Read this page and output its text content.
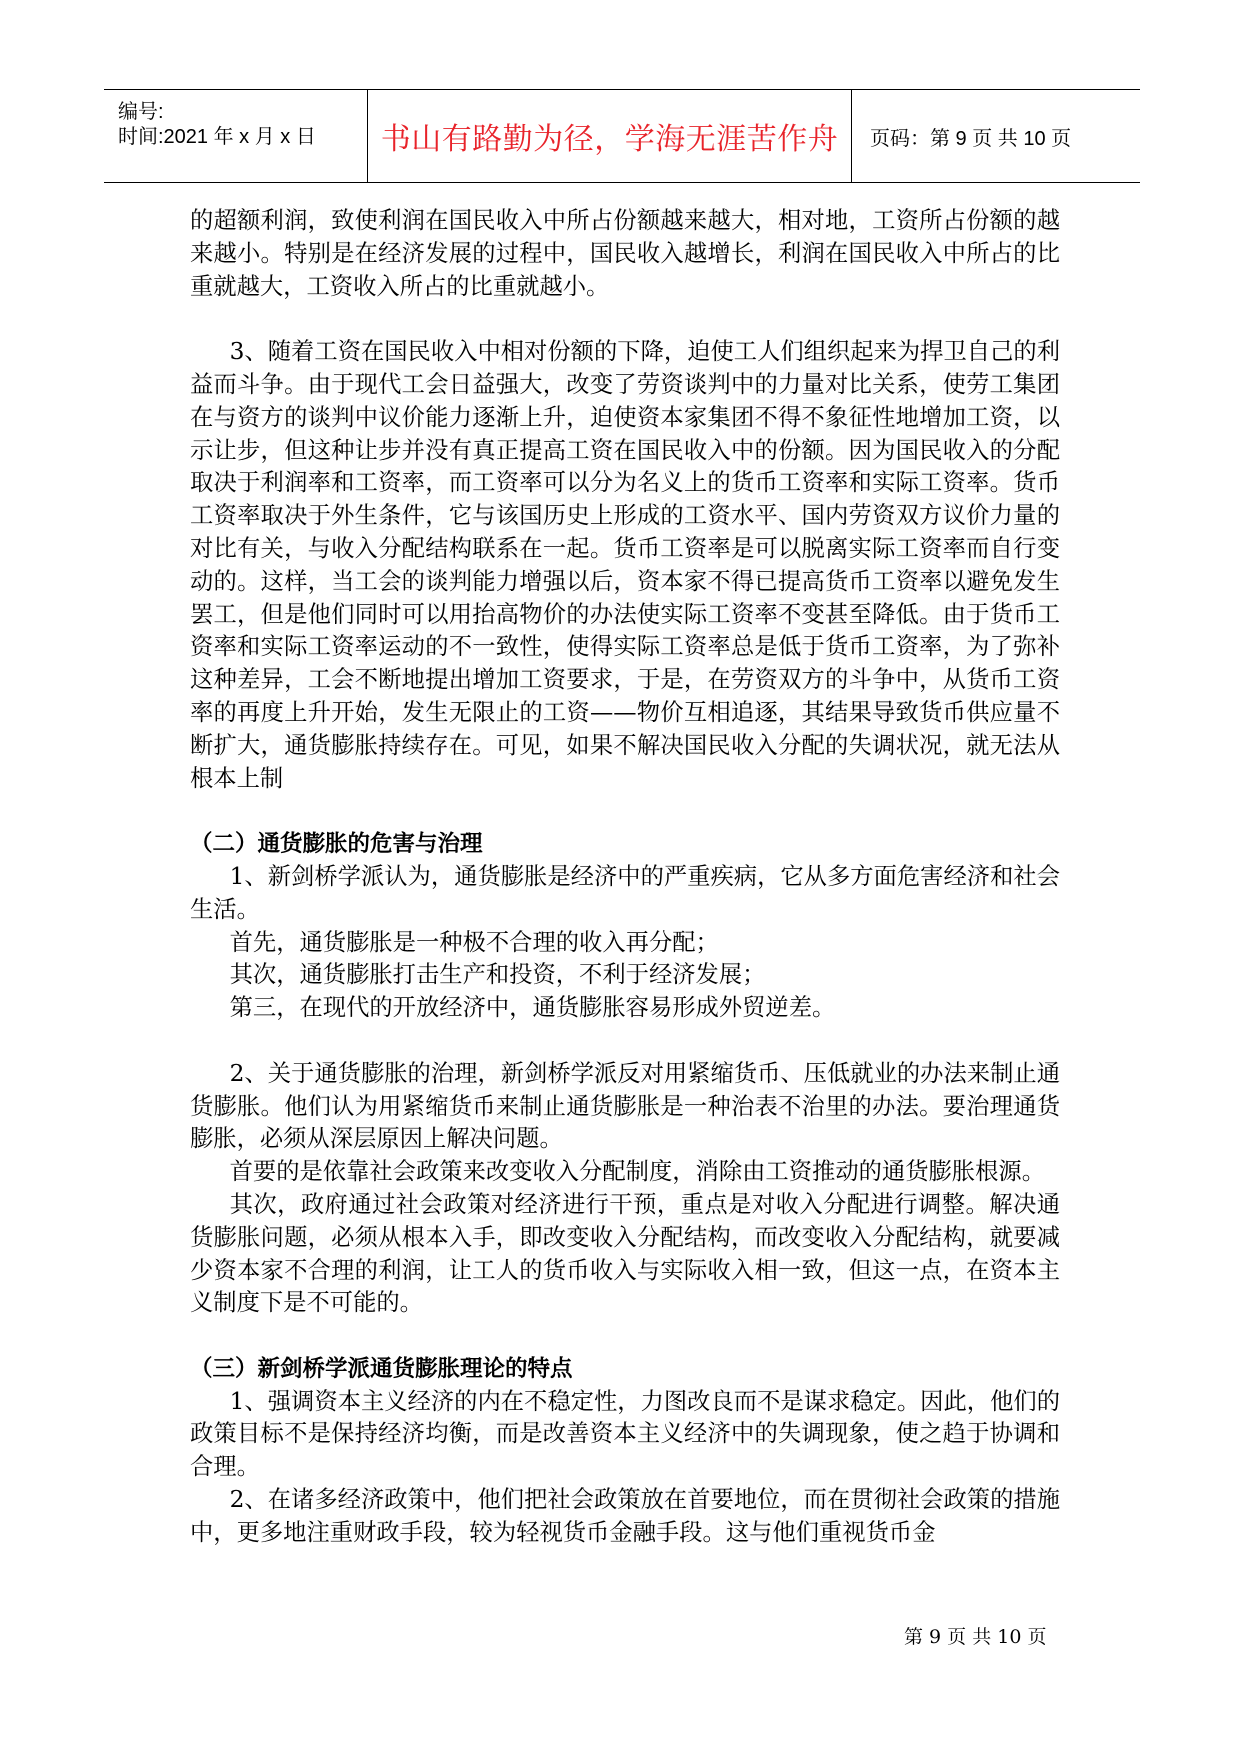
编号:
时间:2021 年 x 月 x 日 书山有路勤为径，学海无涯苦作舟 页码：第 9 页 共 10 页

的超额利润，致使利润在国民收入中所占份额越来越大，相对地，工资所占份额的越来越小。特别是在经济发展的过程中，国民收入越增长，利润在国民收入中所占的比重就越大，工资收入所占的比重就越小。

3、随着工资在国民收入中相对份额的下降，迫使工人们组织起来为捍卫自己的利益而斗争。由于现代工会日益强大，改变了劳资谈判中的力量对比关系，使劳工集团在与资方的谈判中议价能力逐渐上升，迫使资本家集团不得不象征性地增加工资，以示让步，但这种让步并没有真正提高工资在国民收入中的份额。因为国民收入的分配取决于利润率和工资率，而工资率可以分为名义上的货币工资率和实际工资率。货币工资率取决于外生条件，它与该国历史上形成的工资水平、国内劳资双方议价力量的对比有关，与收入分配结构联系在一起。货币工资率是可以脱离实际工资率而自行变动的。这样，当工会的谈判能力增强以后，资本家不得已提高货币工资率以避免发生罢工，但是他们同时可以用抬高物价的办法使实际工资率不变甚至降低。由于货币工资率和实际工资率运动的不一致性，使得实际工资率总是低于货币工资率，为了弥补这种差异，工会不断地提出增加工资要求，于是，在劳资双方的斗争中，从货币工资率的再度上升开始，发生无限止的工资——物价互相追逐，其结果导致货币供应量不断扩大，通货膨胀持续存在。可见，如果不解决国民收入分配的失调状况，就无法从根本上制

（二）通货膨胀的危害与治理

1、新剑桥学派认为，通货膨胀是经济中的严重疾病，它从多方面危害经济和社会生活。

首先，通货膨胀是一种极不合理的收入再分配；

其次，通货膨胀打击生产和投资，不利于经济发展；

第三，在现代的开放经济中，通货膨胀容易形成外贸逆差。

2、关于通货膨胀的治理，新剑桥学派反对用紧缩货币、压低就业的办法来制止通货膨胀。他们认为用紧缩货币来制止通货膨胀是一种治表不治里的办法。要治理通货膨胀，必须从深层原因上解决问题。

首要的是依靠社会政策来改变收入分配制度，消除由工资推动的通货膨胀根源。

其次，政府通过社会政策对经济进行干预，重点是对收入分配进行调整。解决通货膨胀问题，必须从根本入手，即改变收入分配结构，而改变收入分配结构，就要减少资本家不合理的利润，让工人的货币收入与实际收入相一致，但这一点，在资本主义制度下是不可能的。

（三）新剑桥学派通货膨胀理论的特点

1、强调资本主义经济的内在不稳定性，力图改良而不是谋求稳定。因此，他们的政策目标不是保持经济均衡，而是改善资本主义经济中的失调现象，使之趋于协调和合理。

2、在诸多经济政策中，他们把社会政策放在首要地位，而在贯彻社会政策的措施中，更多地注重财政手段，较为轻视货币金融手段。这与他们重视货币金

第 9 页 共 10 页
